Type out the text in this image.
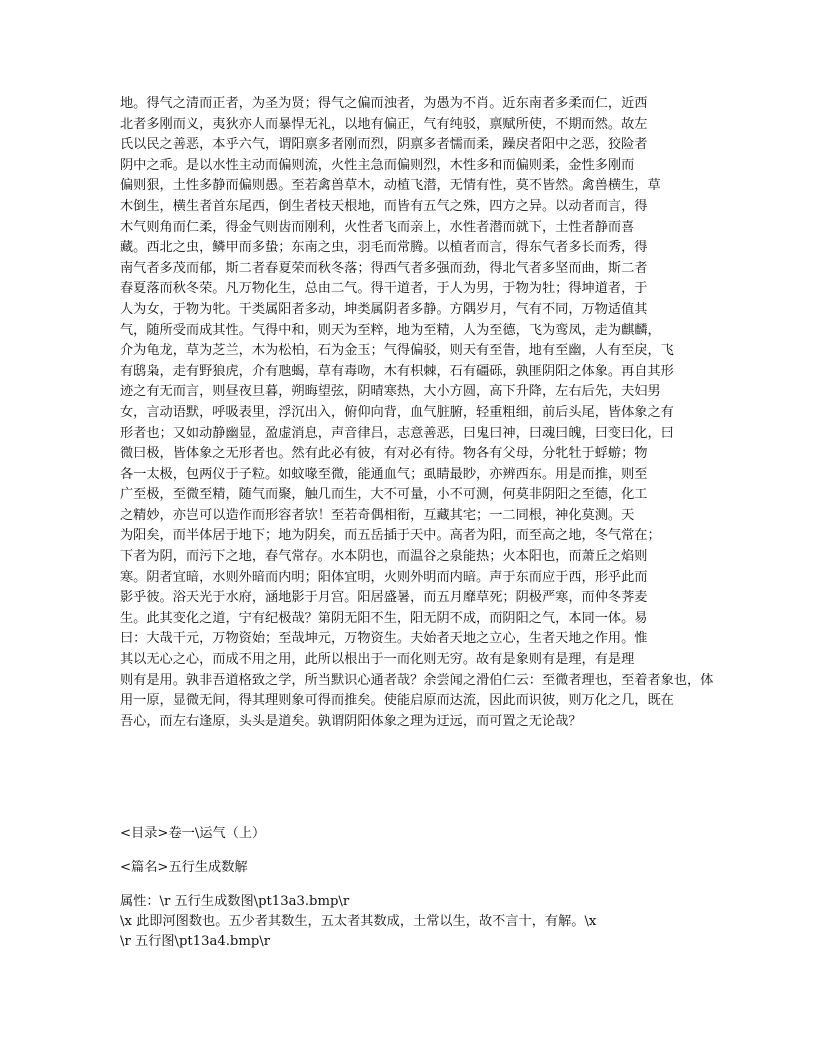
地。得气之清而正者，为圣为贤；得气之偏而浊者，为愚为不肖。近东南者多柔而仁，近西
北者多刚而义，夷狄亦人而暴悍无礼，以地有偏正，气有纯驳，禀赋所使，不期而然。故左
氏以民之善恶，本乎六气，谓阳禀多者刚而烈，阴禀多者懦而柔，躁戾者阳中之恶，狡险者
阴中之乖。是以水性主动而偏则流，火性主急而偏则烈，木性多和而偏则柔，金性多刚而
偏则狠，土性多静而偏则愚。至若禽兽草木，动植飞潜，无情有性，莫不皆然。禽兽横生，草
木倒生，横生者首东尾西，倒生者枝天根地，而皆有五气之殊，四方之异。以动者而言，得
木气则角而仁柔，得金气则齿而刚利，火性者飞而亲上，水性者潜而就下，土性者静而喜
藏。西北之虫，鳞甲而多蛰；东南之虫，羽毛而常腾。以植者而言，得东气者多长而秀，得
南气者多茂而郁，斯二者春夏荣而秋冬落；得西气者多强而劲，得北气者多坚而曲，斯二者
春夏落而秋冬荣。凡万物化生，总由二气。得干道者，于人为男，于物为牡；得坤道者，于
人为女，于物为牝。干类属阳者多动，坤类属阴者多静。方隅岁月，气有不同，万物适值其
气，随所受而成其性。气得中和，则天为至粹，地为至精，人为至德，飞为鸾凤，走为麒麟，
介为龟龙，草为芝兰，木为松柏，石为金玉；气得偏驳，则天有至眚，地有至幽，人有至戾，飞
有鸱枭，走有野狼虎，介有虺蝎，草有毒吻，木有枳棘，石有礓砾，孰匪阴阳之体象。再自其形
迹之有无而言，则昼夜旦暮，朔晦望弦，阴晴寒热，大小方圆，高下升降，左右后先，夫妇男
女，言动语默，呼吸表里，浮沉出入，俯仰向背，血气脏腑，轻重粗细，前后头尾，皆体象之有
形者也；又如动静幽显，盈虚消息，声音律吕，志意善恶，曰鬼曰神，曰魂曰魄，曰变曰化，曰
微曰极，皆体象之无形者也。然有此必有彼，有对必有待。物各有父母，分牝牡于蜉蝣；物
各一太极，包两仪于子粒。如蚊喙至微，能通血气；虱睛最眇，亦辨西东。用是而推，则至
广至极，至微至精，随气而聚，触几而生，大不可量，小不可测，何莫非阴阳之至德，化工
之精妙，亦岂可以造作而形容者欤！至若奇偶相衔，互藏其宅；一二同根，神化莫测。天
为阳矣，而半体居于地下；地为阴矣，而五岳插于天中。高者为阳，而至高之地，冬气常在；
下者为阴，而污下之地，春气常存。水本阴也，而温谷之泉能热；火本阳也，而萧丘之焰则
寒。阴者宜暗，水则外暗而内明；阳体宜明，火则外明而内暗。声于东而应于西，形乎此而
影乎彼。浴天光于水府，涵地影于月宫。阳居盛暑，而五月靡草死；阴极严寒，而仲冬荠麦
生。此其变化之道，宁有纪极哉？第阴无阳不生，阳无阴不成，而阴阳之气，本同一体。易
曰：大哉干元，万物资始；至哉坤元，万物资生。夫始者天地之立心，生者天地之作用。惟
其以无心之心，而成不用之用，此所以根出于一而化则无穷。故有是象则有是理，有是理
则有是用。孰非吾道格致之学，所当默识心通者哉？余尝闻之滑伯仁云：至微者理也，至着者象也，体
用一原，显微无间，得其理则象可得而推矣。使能启原而达流，因此而识彼，则万化之几，既在
吾心，而左右逢原，头头是道矣。孰谓阴阳体象之理为迂远，而可置之无论哉？
<目录>卷一\运气（上）
<篇名>五行生成数解
属性：\r 五行生成数图\pt13a3.bmp\r
\x 此即河图数也。五少者其数生，五太者其数成，土常以生，故不言十，有解。\x
\r 五行图\pt13a4.bmp\r
